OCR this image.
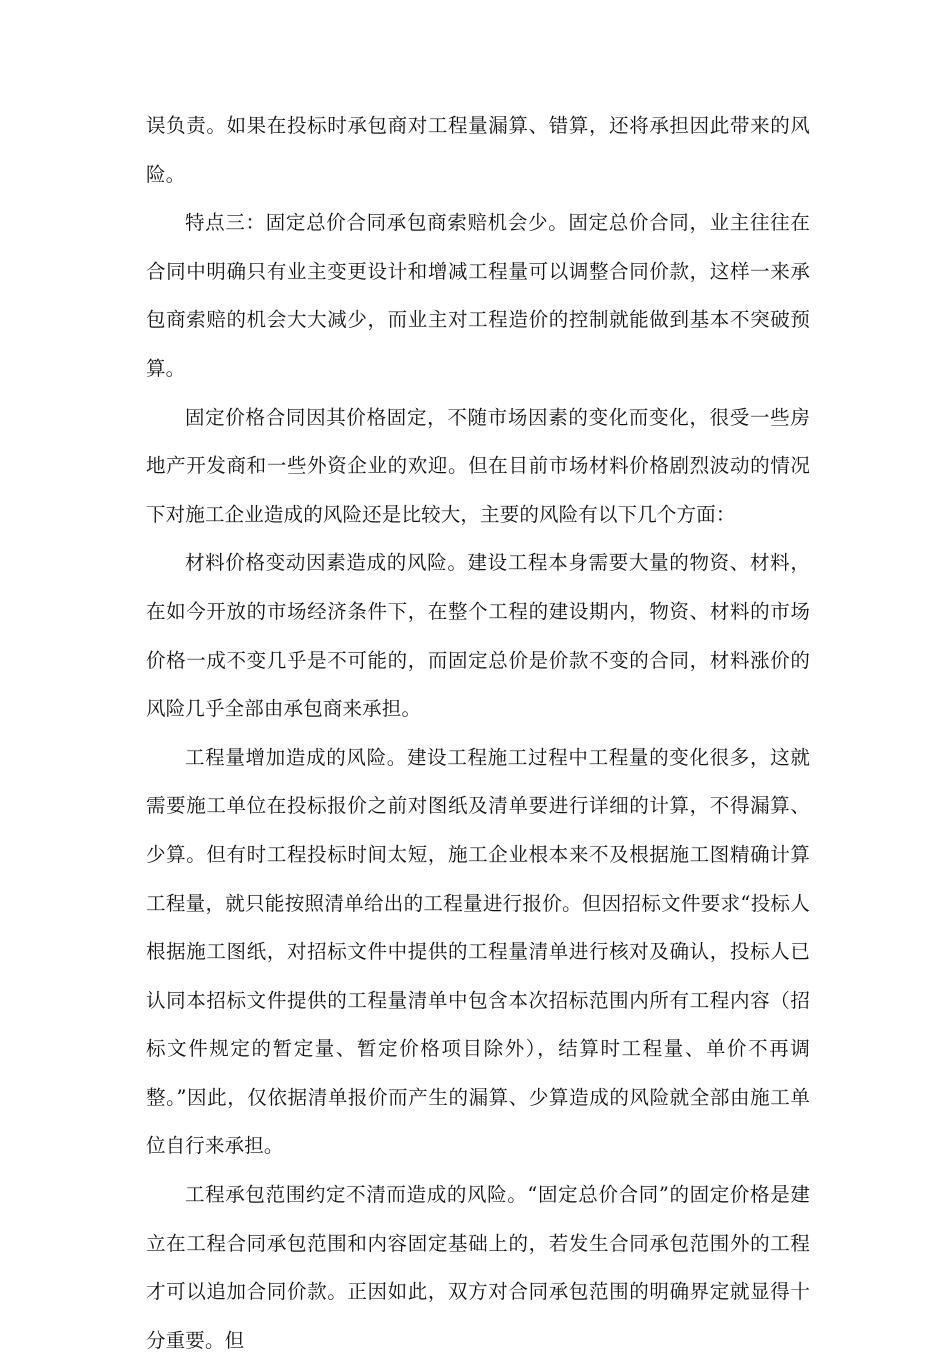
误负责。如果在投标时承包商对工程量漏算、错算，还将承担因此带来的风险。

特点三：固定总价合同承包商索赔机会少。固定总价合同，业主往往在合同中明确只有业主变更设计和增减工程量可以调整合同价款，这样一来承包商索赔的机会大大减少，而业主对工程造价的控制就能做到基本不突破预算。

固定价格合同因其价格固定，不随市场因素的变化而变化，很受一些房地产开发商和一些外资企业的欢迎。但在目前市场材料价格剧烈波动的情况下对施工企业造成的风险还是比较大，主要的风险有以下几个方面：

材料价格变动因素造成的风险。建设工程本身需要大量的物资、材料，在如今开放的市场经济条件下，在整个工程的建设期内，物资、材料的市场价格一成不变几乎是不可能的，而固定总价是价款不变的合同，材料涨价的风险几乎全部由承包商来承担。

工程量增加造成的风险。建设工程施工过程中工程量的变化很多，这就需要施工单位在投标报价之前对图纸及清单要进行详细的计算，不得漏算、少算。但有时工程投标时间太短，施工企业根本来不及根据施工图精确计算工程量，就只能按照清单给出的工程量进行报价。但因招标文件要求“投标人根据施工图纸，对招标文件中提供的工程量清单进行核对及确认，投标人已认同本招标文件提供的工程量清单中包含本次招标范围内所有工程内容（招标文件规定的暂定量、暂定价格项目除外），结算时工程量、单价不再调整。”因此，仅依据清单报价而产生的漏算、少算造成的风险就全部由施工单位自行来承担。

工程承包范围约定不清而造成的风险。“固定总价合同”的固定价格是建立在工程合同承包范围和内容固定基础上的，若发生合同承包范围外的工程才可以追加合同价款。正因如此，双方对合同承包范围的明确界定就显得十分重要。但
